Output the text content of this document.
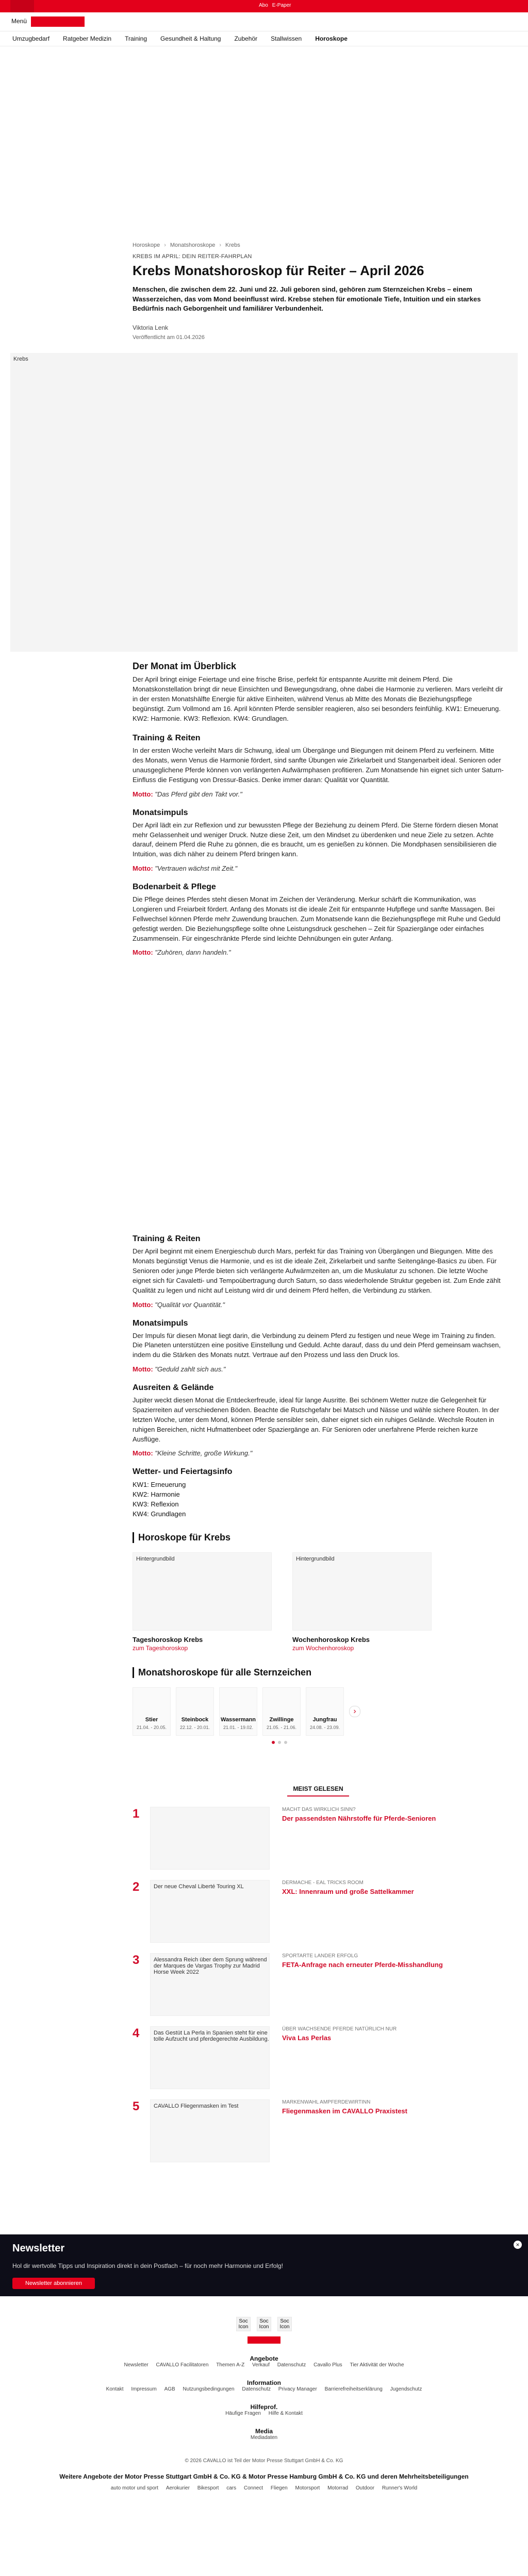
Abo E-Paper
Menü
Umzugbedarf Ratgeber Medizin Training Gesundheit & Haltung Zubehör Stallwissen Horoskope
Horoskope › Monatshoroskope › Krebs
KREBS IM APRIL: DEIN REITER-FAHRPLAN
Krebs Monatshoroskop für Reiter – April 2026
Menschen, die zwischen dem 22. Juni und 22. Juli geboren sind, gehören zum Sternzeichen Krebs – einem Wasserzeichen, das vom Mond beeinflusst wird. Krebse stehen für emotionale Tiefe, Intuition und ein starkes Bedürfnis nach Geborgenheit und familiärer Verbundenheit.
Viktoria Lenk
Veröffentlicht am 01.04.2026
Krebs
Der Monat im Überblick

Der April bringt einige Feiertage und eine frische Brise, perfekt für entspannte Ausritte mit deinem Pferd. Die Monatskonstellation bringt dir neue Einsichten und Bewegungsdrang, ohne dabei die Harmonie zu verlieren. Mars verleiht dir in der ersten Monatshälfte Energie für aktive Einheiten, während Venus ab Mitte des Monats die Beziehungspflege begünstigt. Zum Vollmond am 16. April könnten Pferde sensibler reagieren, also sei besonders feinfühlig. KW1: Erneuerung. KW2: Harmonie. KW3: Reflexion. KW4: Grundlagen.

Training & Reiten

In der ersten Woche verleiht Mars dir Schwung, ideal um Übergänge und Biegungen mit deinem Pferd zu verfeinern. Mitte des Monats, wenn Venus die Harmonie fördert, sind sanfte Übungen wie Zirkelarbeit und Stangenarbeit ideal. Senioren oder unausgeglichene Pferde können von verlängerten Aufwärmphasen profitieren. Zum Monatsende hin eignet sich unter Saturn-Einfluss die Festigung von Dressur-Basics. Denke immer daran: Qualität vor Quantität.

Motto: "Das Pferd gibt den Takt vor."
Monatsimpuls

Der April lädt ein zur Reflexion und zur bewussten Pflege der Beziehung zu deinem Pferd. Die Sterne fördern diesen Monat mehr Gelassenheit und weniger Druck. Nutze diese Zeit, um den Mindset zu überdenken und neue Ziele zu setzen. Achte darauf, deinem Pferd die Ruhe zu gönnen, die es braucht, um es genießen zu können. Die Mondphasen sensibilisieren die Intuition, was dich näher zu deinem Pferd bringen kann.

Motto: "Vertrauen wächst mit Zeit."
Bodenarbeit & Pflege

Die Pflege deines Pferdes steht diesen Monat im Zeichen der Veränderung. Merkur schärft die Kommunikation, was Longieren und Freiarbeit fördert. Anfang des Monats ist die ideale Zeit für entspannte Hufpflege und sanfte Massagen. Bei Fellwechsel können Pferde mehr Zuwendung brauchen. Zum Monatsende kann die Beziehungspflege mit Ruhe und Geduld gefestigt werden. Die Beziehungspflege sollte ohne Leistungsdruck geschehen – Zeit für Spaziergänge oder einfaches Zusammensein. Für eingeschränkte Pferde sind leichte Dehnübungen ein guter Anfang.

Motto: "Zuhören, dann handeln."
Training & Reiten

Der April beginnt mit einem Energieschub durch Mars, perfekt für das Training von Übergängen und Biegungen. Mitte des Monats begünstigt Venus die Harmonie, und es ist die ideale Zeit, Zirkelarbeit und sanfte Seitengänge-Basics zu üben. Für Senioren oder junge Pferde bieten sich verlängerte Aufwärmzeiten an, um die Muskulatur zu schonen. Die letzte Woche eignet sich für Cavaletti- und Tempoübertragung durch Saturn, so dass wiederholende Struktur gegeben ist. Zum Ende zählt Qualität zu legen und nicht auf Leistung wird dir und deinem Pferd helfen, die Verbindung zu stärken.

Motto: "Qualität vor Quantität."
Monatsimpuls

Der Impuls für diesen Monat liegt darin, die Verbindung zu deinem Pferd zu festigen und neue Wege im Training zu finden. Die Planeten unterstützen eine positive Einstellung und Geduld. Achte darauf, dass du und dein Pferd gemeinsam wachsen, indem du die Stärken des Monats nutzt. Vertraue auf den Prozess und lass den Druck los.

Motto: "Geduld zahlt sich aus."
Ausreiten & Gelände

Jupiter weckt diesen Monat die Entdeckerfreude, ideal für lange Ausritte. Bei schönem Wetter nutze die Gelegenheit für Spazierreiten auf verschiedenen Böden. Beachte die Rutschgefahr bei Matsch und Nässe und wähle sichere Routen. In der letzten Woche, unter dem Mond, können Pferde sensibler sein, daher eignet sich ein ruhiges Gelände. Wechsle Routen in ruhigen Bereichen, nicht Hufmattenbeet oder Spaziergänge an. Für Senioren oder unerfahrene Pferde reichen kurze Ausflüge.

Motto: "Kleine Schritte, große Wirkung."
Wetter- und Feiertagsinfo
KW1: Erneuerung
KW2: Harmonie
KW3: Reflexion
KW4: Grundlagen
Horoskope für Krebs
Hintergrundbild
Tageshoroskop Krebs
zum Tageshoroskop
Hintergrundbild
Wochenhoroskop Krebs
zum Wochenhoroskop
Monatshoroskope für alle Sternzeichen
Stier
21.04. - 20.05.
Steinbock
22.12. - 20.01.
Wassermann
21.01. - 19.02.
Zwillinge
21.05. - 21.06.
Jungfrau
24.08. - 23.09.
›
MEIST GELESEN
1	MACHT DAS WIRKLICH SINN?
Der passendsten Nährstoffe für Pferde-Senioren
2	Der neue Cheval Liberté Touring XL
DERMACHE - EAL TRICKS ROOM
XXL: Innenraum und große Sattelkammer
3	Alessandra Reich über dem Sprung während der Marques de Vargas Trophy zur Madrid Horse Week 2022
SPORTARTE LANDER ERFOLG
FETA-Anfrage nach erneuter Pferde-Misshandlung
4	Das Gestüt La Perla in Spanien steht für eine tolle Aufzucht und pferdegerechte Ausbildung.
ÜBER WACHSENDE PFERDE NATÜRLICH NUR
Viva Las Perlas
5	CAVALLO Fliegenmasken im Test
MARKENWAHL AMPFERDEWIRTINN
Fliegenmasken im CAVALLO Praxistest
Newsletter
Hol dir wertvolle Tipps und Inspiration direkt in dein Postfach – für noch mehr Harmonie und Erfolg!
Newsletter abonnieren
×
Soc Icon
Soc Icon
Soc Icon
Angebote
Newsletter CAVALLO Facilitatoren Themen A-Z Verkauf Datenschutz Cavallo Plus Tier Aktivität der Woche
Information
Kontakt Impressum AGB Nutzungsbedingungen Datenschutz Privacy Manager Barrierefreiheitserklärung Jugendschutz
Hilfeprof.
Häufige Fragen Hilfe & Kontakt
Media
Mediadaten
© 2026 CAVALLO ist Teil der Motor Presse Stuttgart GmbH & Co. KG
Weitere Angebote der Motor Presse Stuttgart GmbH & Co. KG & Motor Presse Hamburg GmbH & Co. KG und deren Mehrheitsbeteiligungen
auto motor und sport Aerokurier Bikesport cars Connect Fliegen Motorsport Motorrad Outdoor Runner's World
